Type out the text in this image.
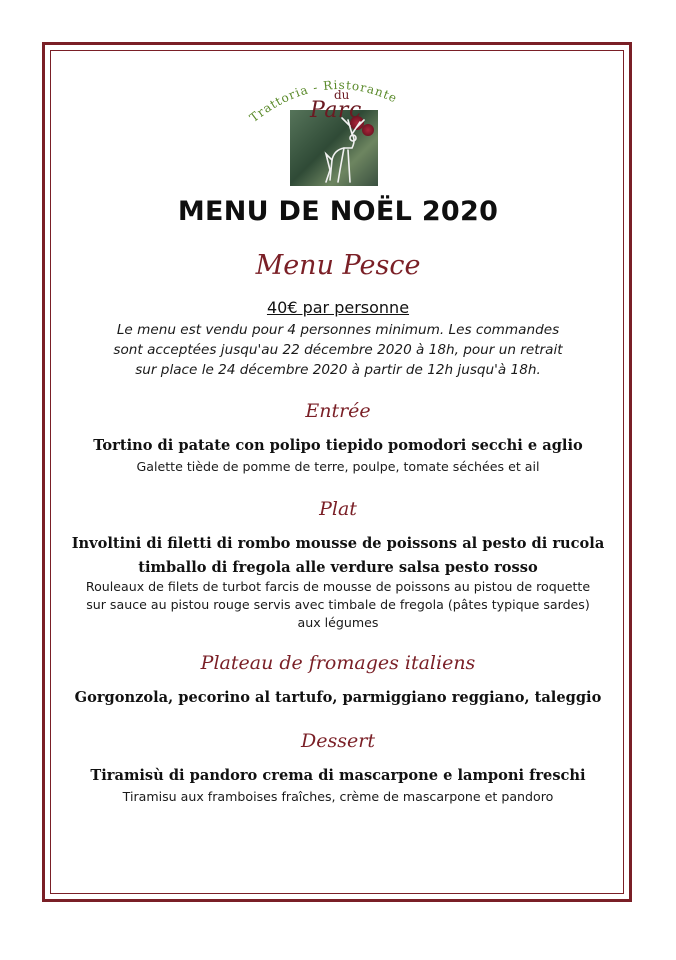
Trattoria - Ristorante
du
Parc
MENU DE NOËL 2020
Menu Pesce
40€ par personne
Le menu est vendu pour 4 personnes minimum. Les commandes
sont acceptées jusqu'au 22 décembre 2020 à 18h, pour un retrait
sur place le 24 décembre 2020 à partir de 12h jusqu'à 18h.
Entrée
Tortino di patate con polipo tiepido pomodori secchi e aglio
Galette tiède de pomme de terre, poulpe, tomate séchées et ail
Plat
Involtini di filetti di rombo mousse de poissons al pesto di rucola
timballo di fregola alle verdure salsa pesto rosso
Rouleaux de filets de turbot farcis de mousse de poissons au pistou de roquette
sur sauce au pistou rouge servis avec timbale de fregola (pâtes typique sardes)
aux légumes
Plateau de fromages italiens
Gorgonzola, pecorino al tartufo, parmiggiano reggiano, taleggio
Dessert
Tiramisù di pandoro crema di mascarpone e lamponi freschi
Tiramisu aux framboises fraîches, crème de mascarpone et pandoro
